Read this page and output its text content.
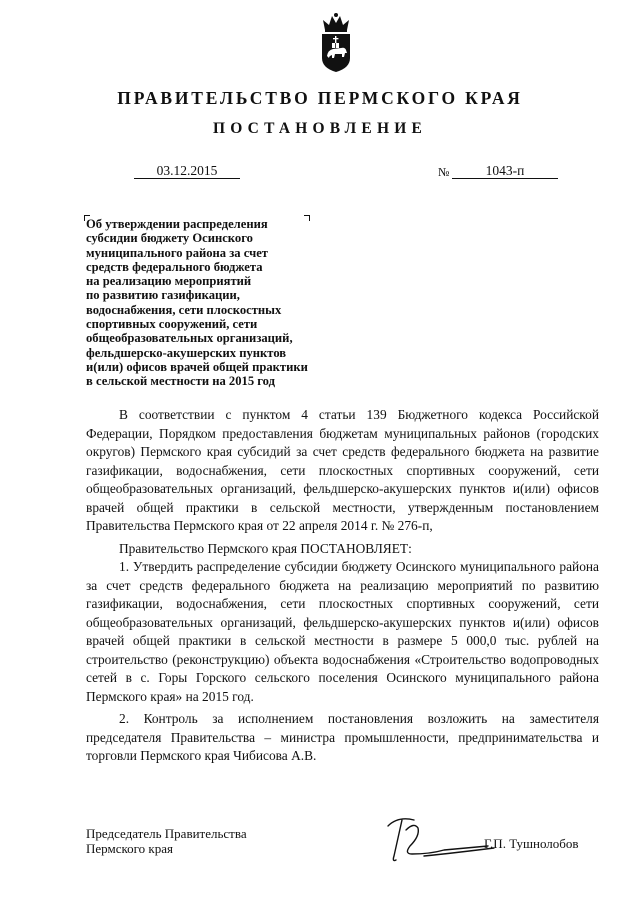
ПРАВИТЕЛЬСТВО ПЕРМСКОГО КРАЯ
ПОСТАНОВЛЕНИЕ
03.12.2015	№	1043-п
Об утверждении распределения
субсидии бюджету Осинского
муниципального района за счет
средств федерального бюджета
на реализацию мероприятий
по развитию газификации,
водоснабжения, сети плоскостных
спортивных сооружений, сети
общеобразовательных организаций,
фельдшерско-акушерских пунктов
и(или) офисов врачей общей практики
в сельской местности на 2015 год

В соответствии с пунктом 4 статьи 139 Бюджетного кодекса Российской Федерации, Порядком предоставления бюджетам муниципальных районов (городских округов) Пермского края субсидий за счет средств федерального бюджета на развитие газификации, водоснабжения, сети плоскостных спортивных сооружений, сети общеобразовательных организаций, фельдшерско-акушерских пунктов и(или) офисов врачей общей практики в сельской местности, утвержденным постановлением Правительства Пермского края от 22 апреля 2014 г. № 276-п,

Правительство Пермского края ПОСТАНОВЛЯЕТ:

1. Утвердить распределение субсидии бюджету Осинского муниципального района за счет средств федерального бюджета на реализацию мероприятий по развитию газификации, водоснабжения, сети плоскостных спортивных сооружений, сети общеобразовательных организаций, фельдшерско-акушерских пунктов и(или) офисов врачей общей практики в сельской местности в размере 5 000,0 тыс. рублей на строительство (реконструкцию) объекта водоснабжения «Строительство водопроводных сетей в с. Горы Горского сельского поселения Осинского муниципального района Пермского края» на 2015 год.

2. Контроль за исполнением постановления возложить на заместителя председателя Правительства – министра промышленности, предпринимательства и торговли Пермского края Чибисова А.В.

Председатель Правительства
Пермского края	Г.П. Тушнолобов
